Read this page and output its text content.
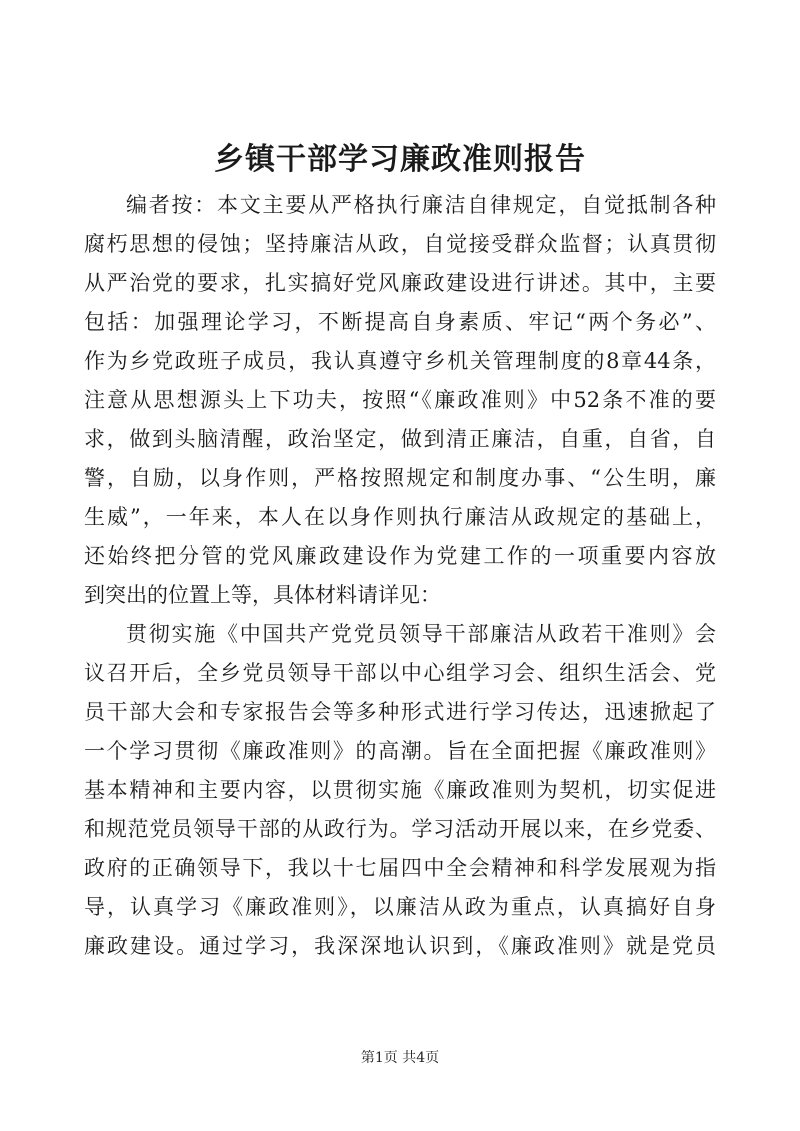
乡镇干部学习廉政准则报告
编者按：本文主要从严格执行廉洁自律规定，自觉抵制各种
腐朽思想的侵蚀；坚持廉洁从政，自觉接受群众监督；认真贯彻
从严治党的要求，扎实搞好党风廉政建设进行讲述。其中，主要
包括：加强理论学习，不断提高自身素质、牢记“两个务必”、
作为乡党政班子成员，我认真遵守乡机关管理制度的8章44条，
注意从思想源头上下功夫，按照“《廉政准则》中52条不准的要
求，做到头脑清醒，政治坚定，做到清正廉洁，自重，自省，自
警，自励，以身作则，严格按照规定和制度办事、“公生明，廉
生威”，一年来，本人在以身作则执行廉洁从政规定的基础上，
还始终把分管的党风廉政建设作为党建工作的一项重要内容放
到突出的位置上等，具体材料请详见：
贯彻实施《中国共产党党员领导干部廉洁从政若干准则》会
议召开后，全乡党员领导干部以中心组学习会、组织生活会、党
员干部大会和专家报告会等多种形式进行学习传达，迅速掀起了
一个学习贯彻《廉政准则》的高潮。旨在全面把握《廉政准则》
基本精神和主要内容，以贯彻实施《廉政准则为契机，切实促进
和规范党员领导干部的从政行为。学习活动开展以来，在乡党委、
政府的正确领导下，我以十七届四中全会精神和科学发展观为指
导，认真学习《廉政准则》，以廉洁从政为重点，认真搞好自身
廉政建设。通过学习，我深深地认识到，《廉政准则》就是党员
第1页 共4页
